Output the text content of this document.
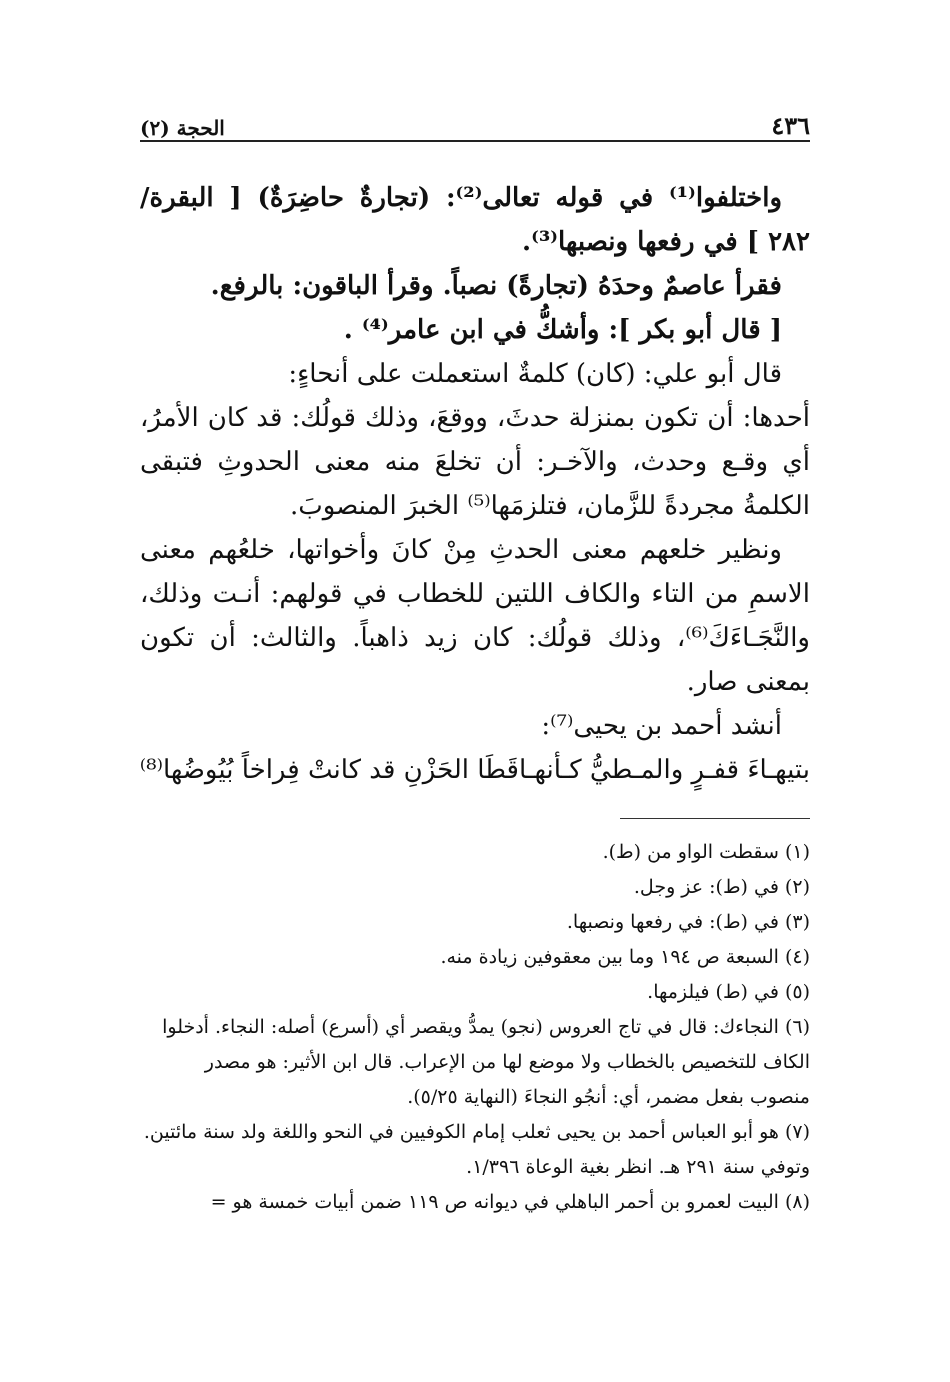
٤٣٦
الحجة (٢)

واختلفوا⁽¹⁾ في قوله تعالى⁽²⁾: (تجارةٌ حاضِرَةٌ) [ البقرة/ ٢٨٢ ] في رفعها ونصبها⁽³⁾.

فقرأ عاصمٌ وحدَهُ (تجارةً) نصباً. وقرأ الباقون: بالرفع.

[ قال أبو بكر ]: وأشكُّ في ابن عامر⁽⁴⁾ .

قال أبو علي: (كان) كلمةٌ استعملت على أنحاءٍ:

أحدها: أن تكون بمنزلة حدثَ، ووقعَ، وذلك قولُك: قد كان الأمرُ، أي وقـع وحدث، والآخـر: أن تخلعَ منه معنى الحدوثِ فتبقى الكلمةُ مجردةً للزَّمان، فتلزمَها⁽⁵⁾ الخبرَ المنصوبَ.

ونظير خلعهم معنى الحدثِ مِنْ كانَ وأخواتها، خلعُهم معنى الاسمِ من التاء والكاف اللتين للخطاب في قولهم: أنـت وذلك، والنَّجَـاءَكَ⁽⁶⁾، وذلك قولُك: كان زيد ذاهباً. والثالث: أن تكون بمعنى صار.

أنشد أحمد بن يحيى⁽⁷⁾:

بتيهـاءَ قفـرٍ والمـطيُّ كـأنهـا
قَطَا الحَزْنِ قد كانتْ فِراخاً بُيُوضُها⁽⁸⁾

(١) سقطت الواو من (ط).

(٢) في (ط): عز وجل.

(٣) في (ط): في رفعها ونصبها.

(٤) السبعة ص ١٩٤ وما بين معقوفين زيادة منه.

(٥) في (ط) فيلزمها.

(٦) النجاءك: قال في تاج العروس (نجو) يمدُّ ويقصر أي (أسرع) أصله: النجاء. أدخلوا الكاف للتخصيص بالخطاب ولا موضع لها من الإعراب. قال ابن الأثير: هو مصدر منصوب بفعل مضمر، أي: أنجُو النجاءَ (النهاية ٥/٢٥).

(٧) هو أبو العباس أحمد بن يحيى ثعلب إمام الكوفيين في النحو واللغة ولد سنة مائتين. وتوفي سنة ٢٩١ هـ. انظر بغية الوعاة ١/٣٩٦.

(٨) البيت لعمرو بن أحمر الباهلي في ديوانه ص ١١٩ ضمن أبيات خمسة هو =
